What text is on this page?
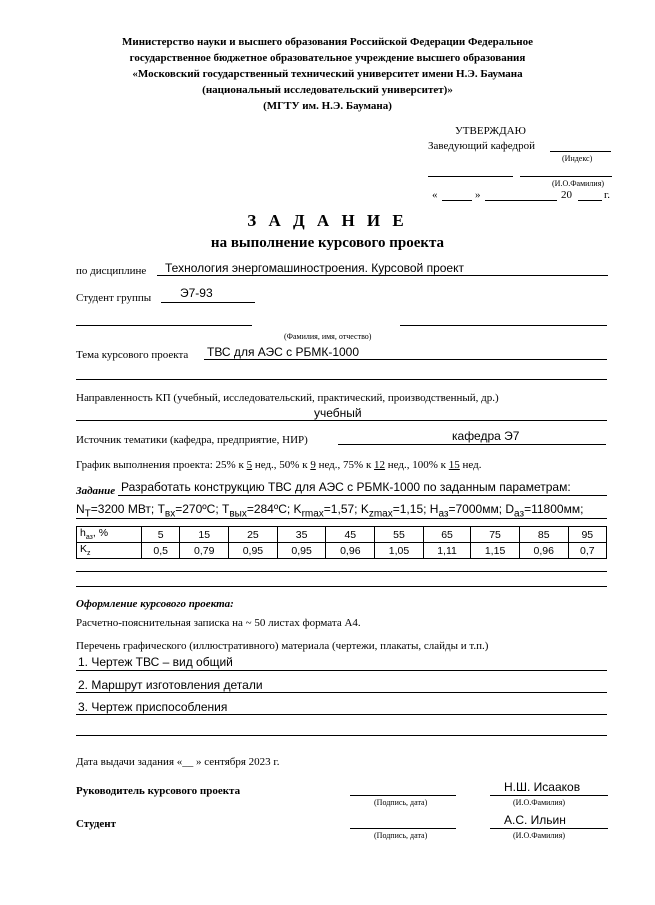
Министерство науки и высшего образования Российской Федерации Федеральное
государственное бюджетное образовательное учреждение высшего образования
«Московский государственный технический университет имени Н.Э. Баумана
(национальный исследовательский университет)»
(МГТУ им. Н.Э. Баумана)
УТВЕРЖДАЮ
Заведующий кафедрой
(Индекс)
(И.О.Фамилия)
«	»	20	г.
З А Д А Н И Е
на выполнение курсового проекта
по дисциплине Технология энергомашиностроения. Курсовой проект
Студент группы Э7-93
(Фамилия, имя, отчество)
Тема курсового проекта ТВС для АЭС с РБМК-1000
Направленность КП (учебный, исследовательский, практический, производственный, др.)
учебный
Источник тематики (кафедра, предприятие, НИР)	кафедра Э7
График выполнения проекта: 25% к 5 нед., 50% к 9 нед., 75% к 12 нед., 100% к 15 нед.
Задание Разработать конструкцию ТВС для АЭС с РБМК-1000 по заданным параметрам:
$N_T=3200$ МВт; $T_{вх}=270ºС$; $T_{вых}=284ºС$; $K_{rmax}=1,57$; $K_{zmax}=1,15$; $H_{аз}=7000мм$; $D_{аз}=11800мм$;
$h_{аз}$, %	5	15	25	35	45	55	65	75	85	95
$K_z$	0,5	0,79	0,95	0,95	0,96	1,05	1,11	1,15	0,96	0,7
Оформление курсового проекта:
Расчетно-пояснительная записка на ~ 50 листах формата А4.
Перечень графического (иллюстративного) материала (чертежи, плакаты, слайды и т.п.)
1. Чертеж ТВС – вид общий
2. Маршрут изготовления детали
3. Чертеж приспособления
Дата выдачи задания «__ » сентября 2023 г.
Руководитель курсового проекта	Н.Ш. Исааков
(Подпись, дата)	(И.О.Фамилия)
Студент	А.С. Ильин
(Подпись, дата)	(И.О.Фамилия)
